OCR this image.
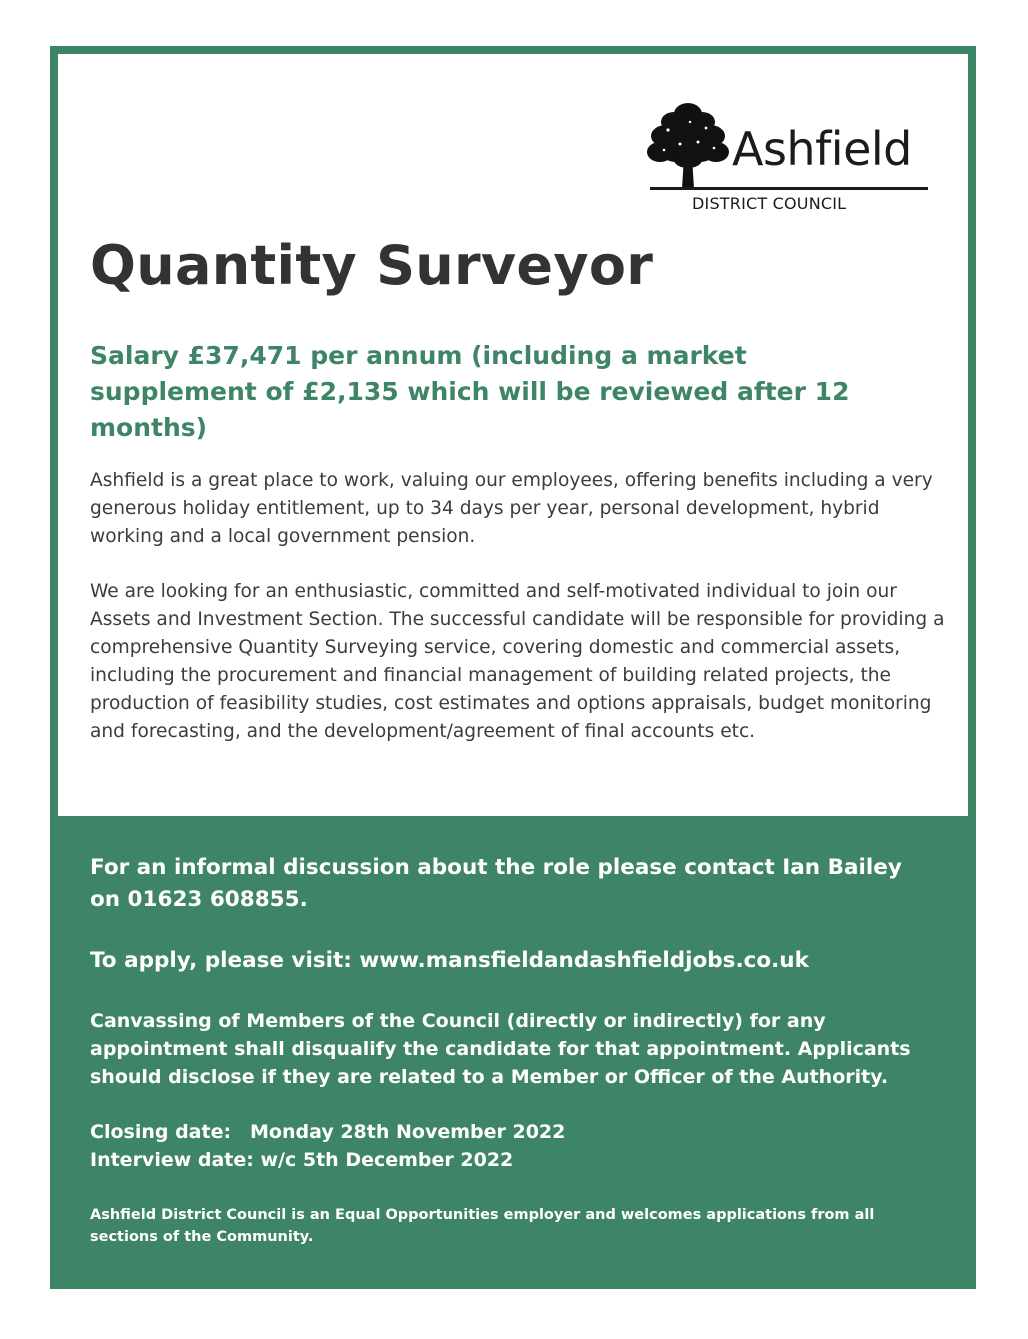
Ashfield
DISTRICT COUNCIL
Quantity Surveyor

Salary £37,471 per annum (including a market supplement of £2,135 which will be reviewed after 12 months)

Ashfield is a great place to work, valuing our employees, offering benefits including a very generous holiday entitlement, up to 34 days per year, personal development, hybrid working and a local government pension.

We are looking for an enthusiastic, committed and self-motivated individual to join our Assets and Investment Section. The successful candidate will be responsible for providing a comprehensive Quantity Surveying service, covering domestic and commercial assets, including the procurement and financial management of building related projects, the production of feasibility studies, cost estimates and options appraisals, budget monitoring and forecasting, and the development/agreement of final accounts etc.

For an informal discussion about the role please contact Ian Bailey on 01623 608855.

To apply, please visit: www.mansfieldandashfieldjobs.co.uk

Canvassing of Members of the Council (directly or indirectly) for any appointment shall disqualify the candidate for that appointment. Applicants should disclose if they are related to a Member or Officer of the Authority.

Closing date: Monday 28th November 2022
Interview date:
w/c 5th December 2022

Ashfield District Council is an Equal Opportunities employer and welcomes applications from all sections of the Community.
